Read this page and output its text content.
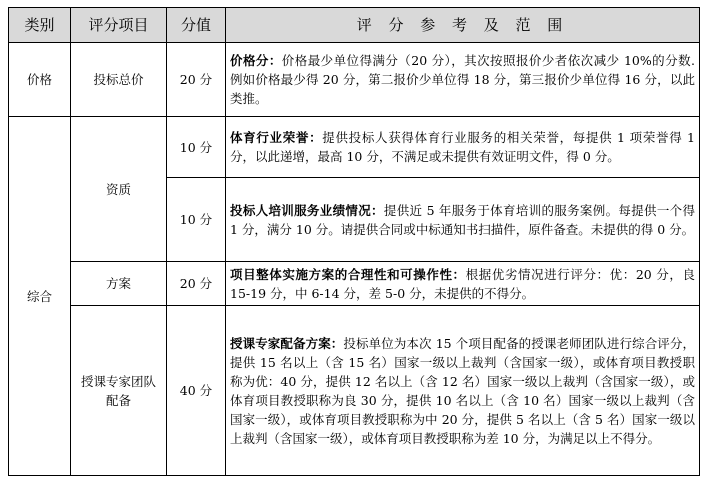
类别	评分项目	分值	评 分 参 考 及 范 围
价格	投标总价	20 分	价格分：价格最少单位得满分（20 分），其次按照报价少者依次减少 10%的分数. 例如价格最少得 20 分，第二报价少单位得 18 分，第三报价少单位得 16 分，以此类推。
综合	资质	10 分	体育行业荣誉：提供投标人获得体育行业服务的相关荣誉，每提供 1 项荣誉得 1 分，以此递增，最高 10 分，不满足或未提供有效证明文件，得 0 分。
		10 分	投标人培训服务业绩情况：提供近 5 年服务于体育培训的服务案例。每提供一个得 1 分，满分 10 分。请提供合同或中标通知书扫描件，原件备查。未提供的得 0 分。
	方案	20 分	项目整体实施方案的合理性和可操作性：根据优劣情况进行评分：优：20 分，良 15-19 分，中 6-14 分，差 5-0 分，未提供的不得分。
	授课专家团队配备	40 分	授课专家配备方案：投标单位为本次 15 个项目配备的授课老师团队进行综合评分，提供 15 名以上（含 15 名）国家一级以上裁判（含国家一级），或体育项目教授职称为优：40 分，提供 12 名以上（含 12 名）国家一级以上裁判（含国家一级），或体育项目教授职称为良 30 分，提供 10 名以上（含 10 名）国家一级以上裁判（含国家一级），或体育项目教授职称为中 20 分，提供 5 名以上（含 5 名）国家一级以上裁判（含国家一级），或体育项目教授职称为差 10 分，为满足以上不得分。
